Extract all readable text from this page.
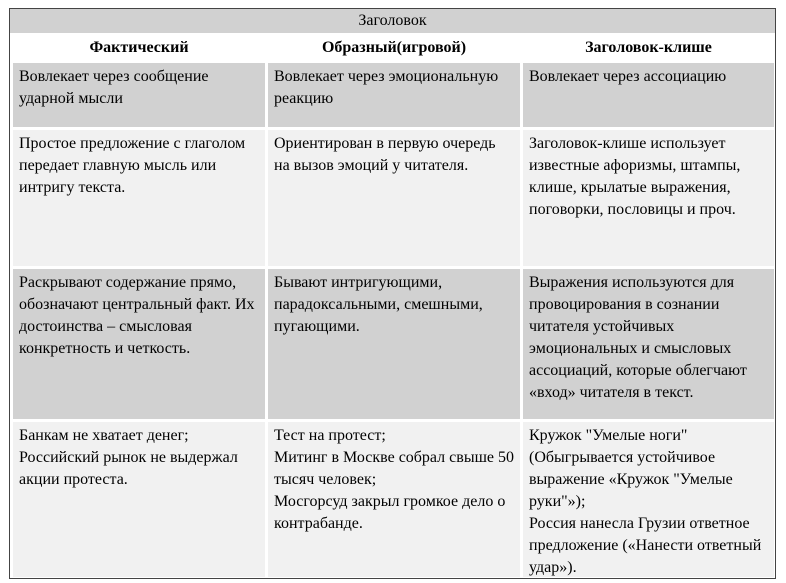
Заголовок
Фактический	Образный(игровой)	Заголовок-клише
Вовлекает через сообщение ударной мысли
Вовлекает через эмоциональную реакцию
Вовлекает через ассоциацию
Простое предложение с глаголом передает главную мысль или интригу текста.
Ориентирован в первую очередь на вызов эмоций у читателя.
Заголовок-клише использует известные афоризмы, штампы, клише, крылатые выражения, поговорки, пословицы и проч.
Раскрывают содержание прямо, обозначают центральный факт. Их достоинства – смысловая конкретность и четкость.
Бывают интригующими, парадоксальными, смешными, пугающими.
Выражения используются для провоцирования в сознании читателя устойчивых эмоциональных и смысловых ассоциаций, которые облегчают «вход» читателя в текст.
Банкам не хватает денег;
Российский рынок не выдержал акции протеста.
Тест на протест;
Митинг в Москве собрал свыше 50 тысяч человек;
Мосгорсуд закрыл громкое дело о контрабанде.
Кружок "Умелые ноги" (Обыгрывается устойчивое выражение «Кружок "Умелые руки"»);
Россия нанесла Грузии ответное предложение («Нанести ответный удар»).
